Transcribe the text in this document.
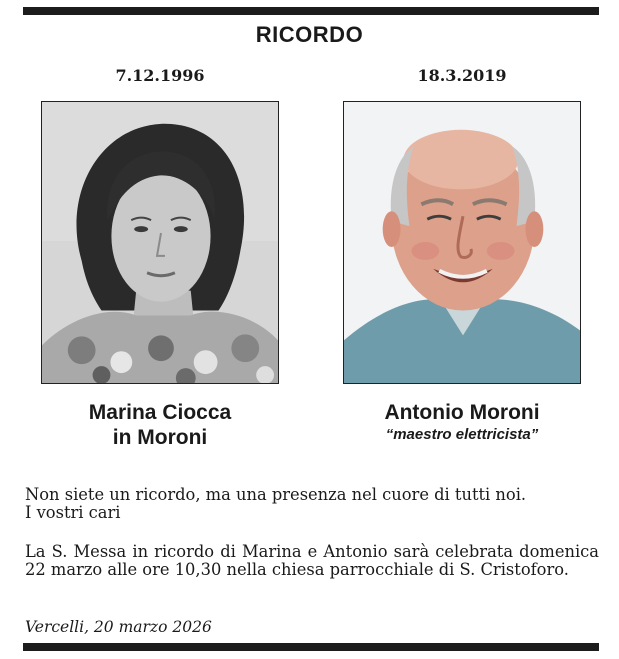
RICORDO
7.12.1996	18.3.2019
Marina Ciocca
in Moroni
Antonio Moroni
“maestro elettricista”
Non siete un ricordo, ma una presenza nel cuore di tutti noi.
I vostri cari
La S. Messa in ricordo di Marina e Antonio sarà celebrata domenica 22 marzo alle ore 10,30 nella chiesa parrocchiale di S. Cristoforo.
Vercelli, 20 marzo 2026
